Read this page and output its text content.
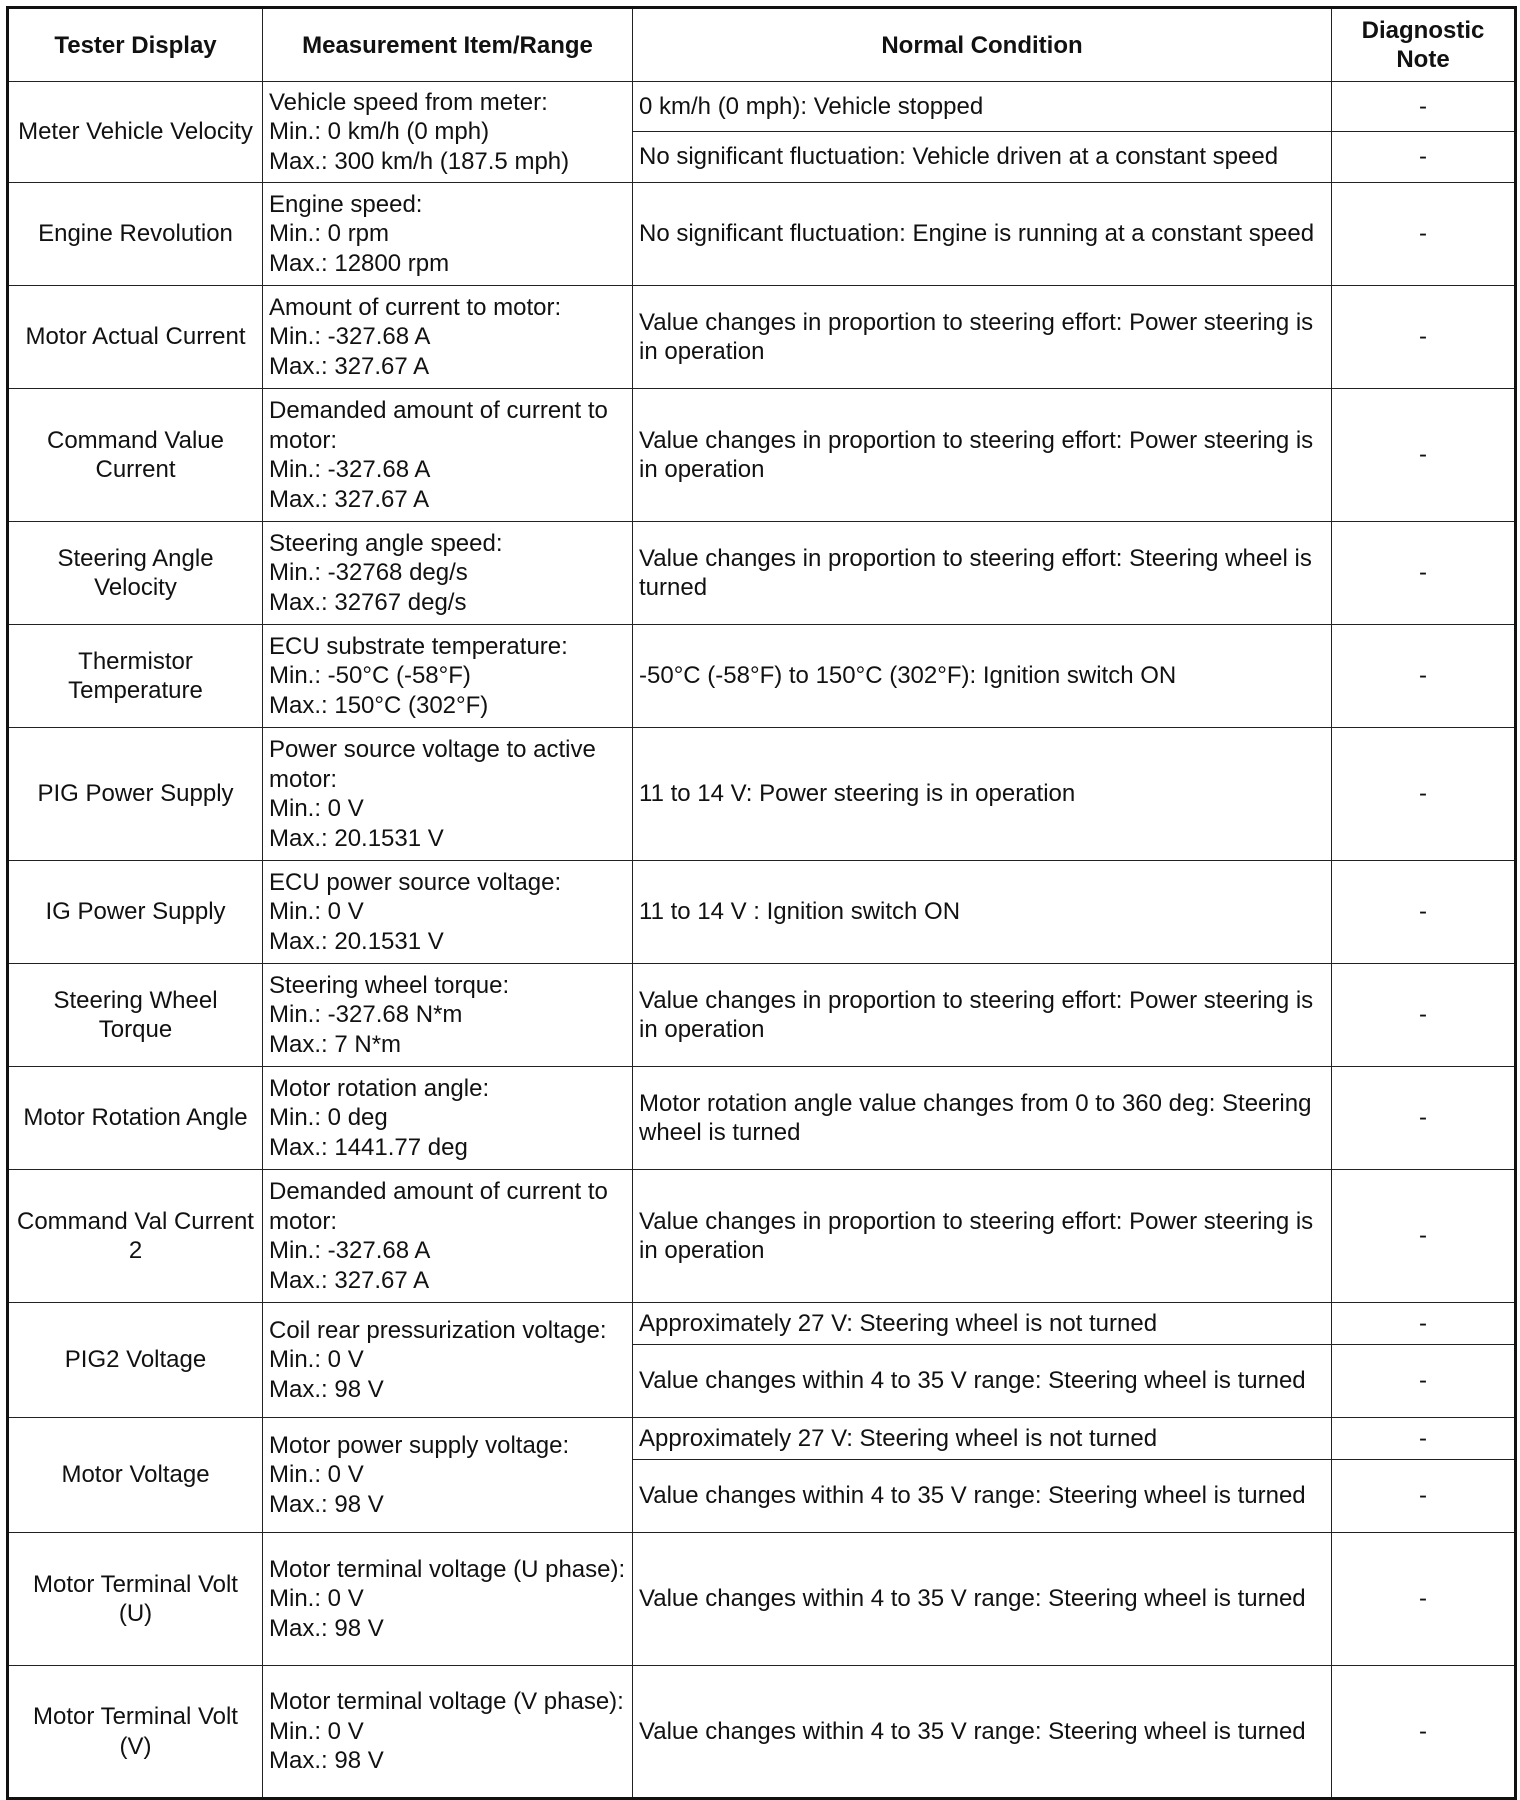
Tester Display	Measurement Item/Range	Normal Condition	Diagnostic Note
Meter Vehicle Velocity	Vehicle speed from meter:
Min.: 0 km/h (0 mph)
Max.: 300 km/h (187.5 mph)	0 km/h (0 mph): Vehicle stopped	-
		No significant fluctuation: Vehicle driven at a constant speed	-
Engine Revolution	Engine speed:
Min.: 0 rpm
Max.: 12800 rpm	No significant fluctuation: Engine is running at a constant speed	-
Motor Actual Current	Amount of current to motor:
Min.: -327.68 A
Max.: 327.67 A	Value changes in proportion to steering effort: Power steering is in operation	-
Command Value Current	Demanded amount of current to motor:
Min.: -327.68 A
Max.: 327.67 A	Value changes in proportion to steering effort: Power steering is in operation	-
Steering Angle Velocity	Steering angle speed:
Min.: -32768 deg/s
Max.: 32767 deg/s	Value changes in proportion to steering effort: Steering wheel is turned	-
Thermistor Temperature	ECU substrate temperature:
Min.: -50°C (-58°F)
Max.: 150°C (302°F)	-50°C (-58°F) to 150°C (302°F): Ignition switch ON	-
PIG Power Supply	Power source voltage to active motor:
Min.: 0 V
Max.: 20.1531 V	11 to 14 V: Power steering is in operation	-
IG Power Supply	ECU power source voltage:
Min.: 0 V
Max.: 20.1531 V	11 to 14 V : Ignition switch ON	-
Steering Wheel Torque	Steering wheel torque:
Min.: -327.68 N*m
Max.: 7 N*m	Value changes in proportion to steering effort: Power steering is in operation	-
Motor Rotation Angle	Motor rotation angle:
Min.: 0 deg
Max.: 1441.77 deg	Motor rotation angle value changes from 0 to 360 deg: Steering wheel is turned	-
Command Val Current 2	Demanded amount of current to motor:
Min.: -327.68 A
Max.: 327.67 A	Value changes in proportion to steering effort: Power steering is in operation	-
PIG2 Voltage	Coil rear pressurization voltage:
Min.: 0 V
Max.: 98 V	Approximately 27 V: Steering wheel is not turned	-
		Value changes within 4 to 35 V range: Steering wheel is turned	-
Motor Voltage	Motor power supply voltage:
Min.: 0 V
Max.: 98 V	Approximately 27 V: Steering wheel is not turned	-
		Value changes within 4 to 35 V range: Steering wheel is turned	-
Motor Terminal Volt (U)	Motor terminal voltage (U phase):
Min.: 0 V
Max.: 98 V	Value changes within 4 to 35 V range: Steering wheel is turned	-
Motor Terminal Volt (V)	Motor terminal voltage (V phase):
Min.: 0 V
Max.: 98 V	Value changes within 4 to 35 V range: Steering wheel is turned	-
